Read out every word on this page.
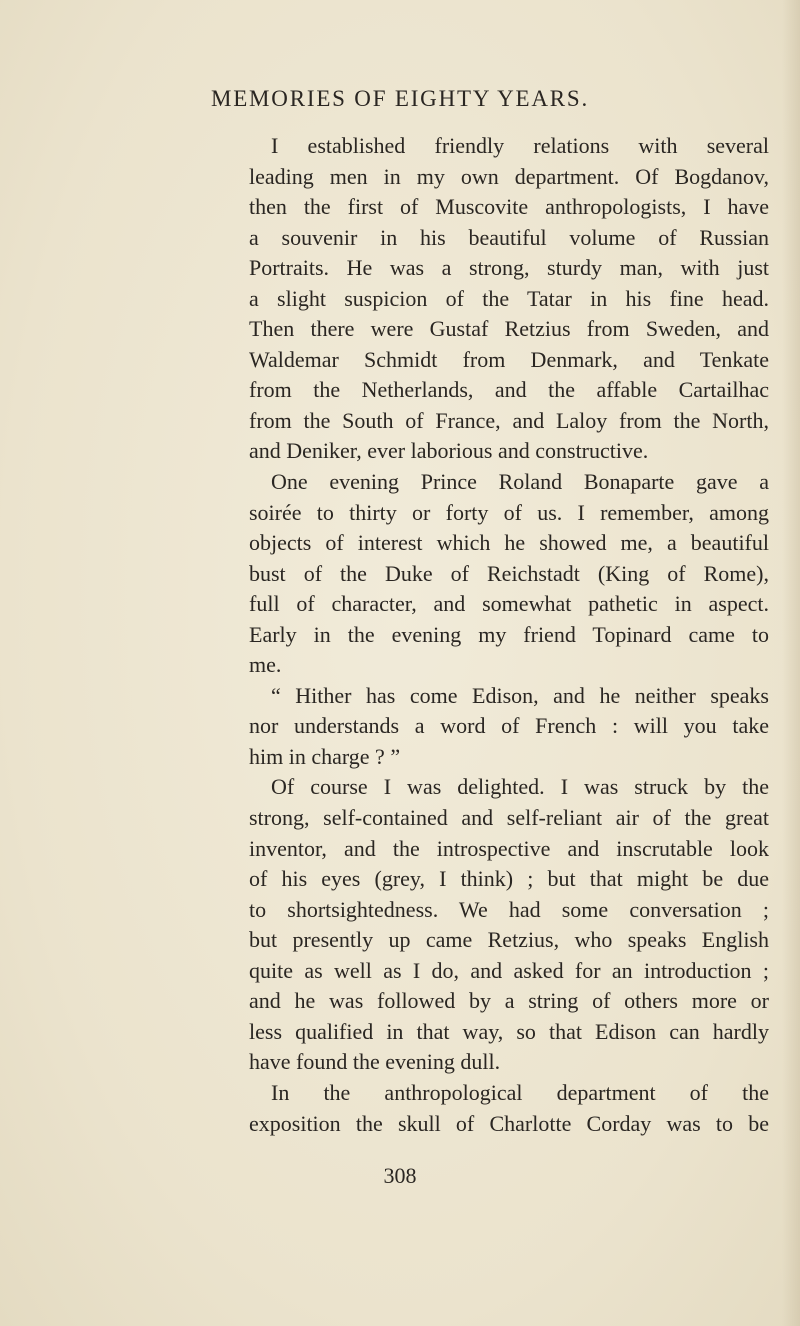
MEMORIES OF EIGHTY YEARS.
I established friendly relations with several
leading men in my own department. Of Bogdanov,
then the first of Muscovite anthropologists, I have
a souvenir in his beautiful volume of Russian
Portraits. He was a strong, sturdy man, with just
a slight suspicion of the Tatar in his fine head.
Then there were Gustaf Retzius from Sweden, and
Waldemar Schmidt from Denmark, and Tenkate
from the Netherlands, and the affable Cartailhac
from the South of France, and Laloy from the North,
and Deniker, ever laborious and constructive.
One evening Prince Roland Bonaparte gave a
soirée to thirty or forty of us. I remember, among
objects of interest which he showed me, a beautiful
bust of the Duke of Reichstadt (King of Rome),
full of character, and somewhat pathetic in aspect.
Early in the evening my friend Topinard came to
me.
“ Hither has come Edison, and he neither speaks
nor understands a word of French : will you take
him in charge ? ”
Of course I was delighted. I was struck by the
strong, self-contained and self-reliant air of the great
inventor, and the introspective and inscrutable look
of his eyes (grey, I think) ; but that might be due
to shortsightedness. We had some conversation ;
but presently up came Retzius, who speaks English
quite as well as I do, and asked for an introduction ;
and he was followed by a string of others more or
less qualified in that way, so that Edison can hardly
have found the evening dull.
In the anthropological department of the
exposition the skull of Charlotte Corday was to be
308
